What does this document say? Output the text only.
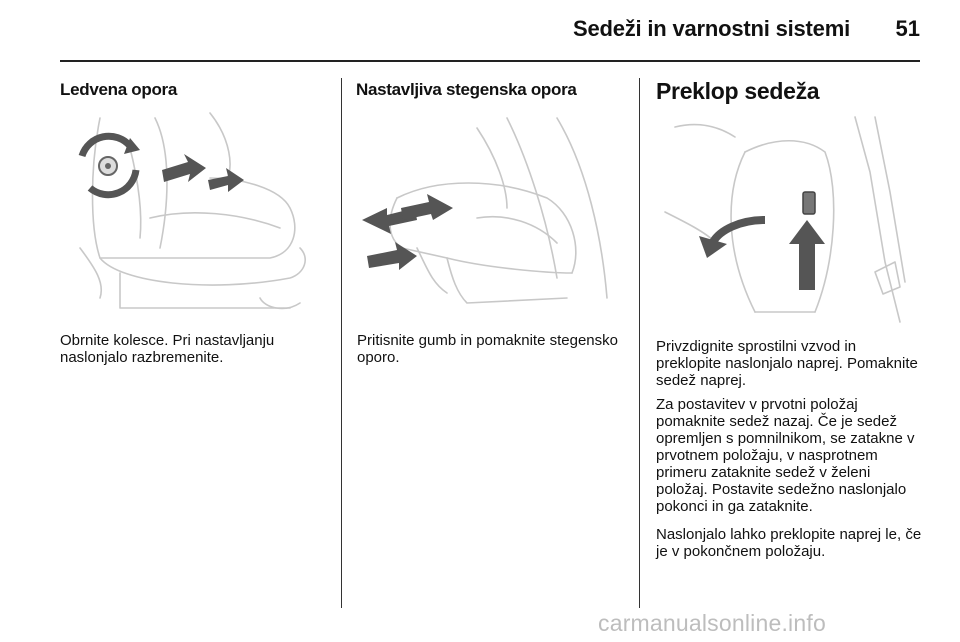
Sedeži in varnostni sistemi	51
Ledvena opora

Obrnite kolesce. Pri nastavljanju naslonjalo razbremenite.

Nastavljiva stegenska opora

Pritisnite gumb in pomaknite stegensko oporo.

Preklop sedeža

Privzdignite sprostilni vzvod in preklopite naslonjalo naprej. Pomaknite sedež naprej.

Za postavitev v prvotni položaj pomaknite sedež nazaj. Če je sedež opremljen s pomnilnikom, se zatakne v prvotnem položaju, v nasprotnem primeru zataknite sedež v želeni položaj. Postavite sedežno naslonjalo pokonci in ga zataknite.

Naslonjalo lahko preklopite naprej le, če je v pokončnem položaju.

carmanualsonline.info
